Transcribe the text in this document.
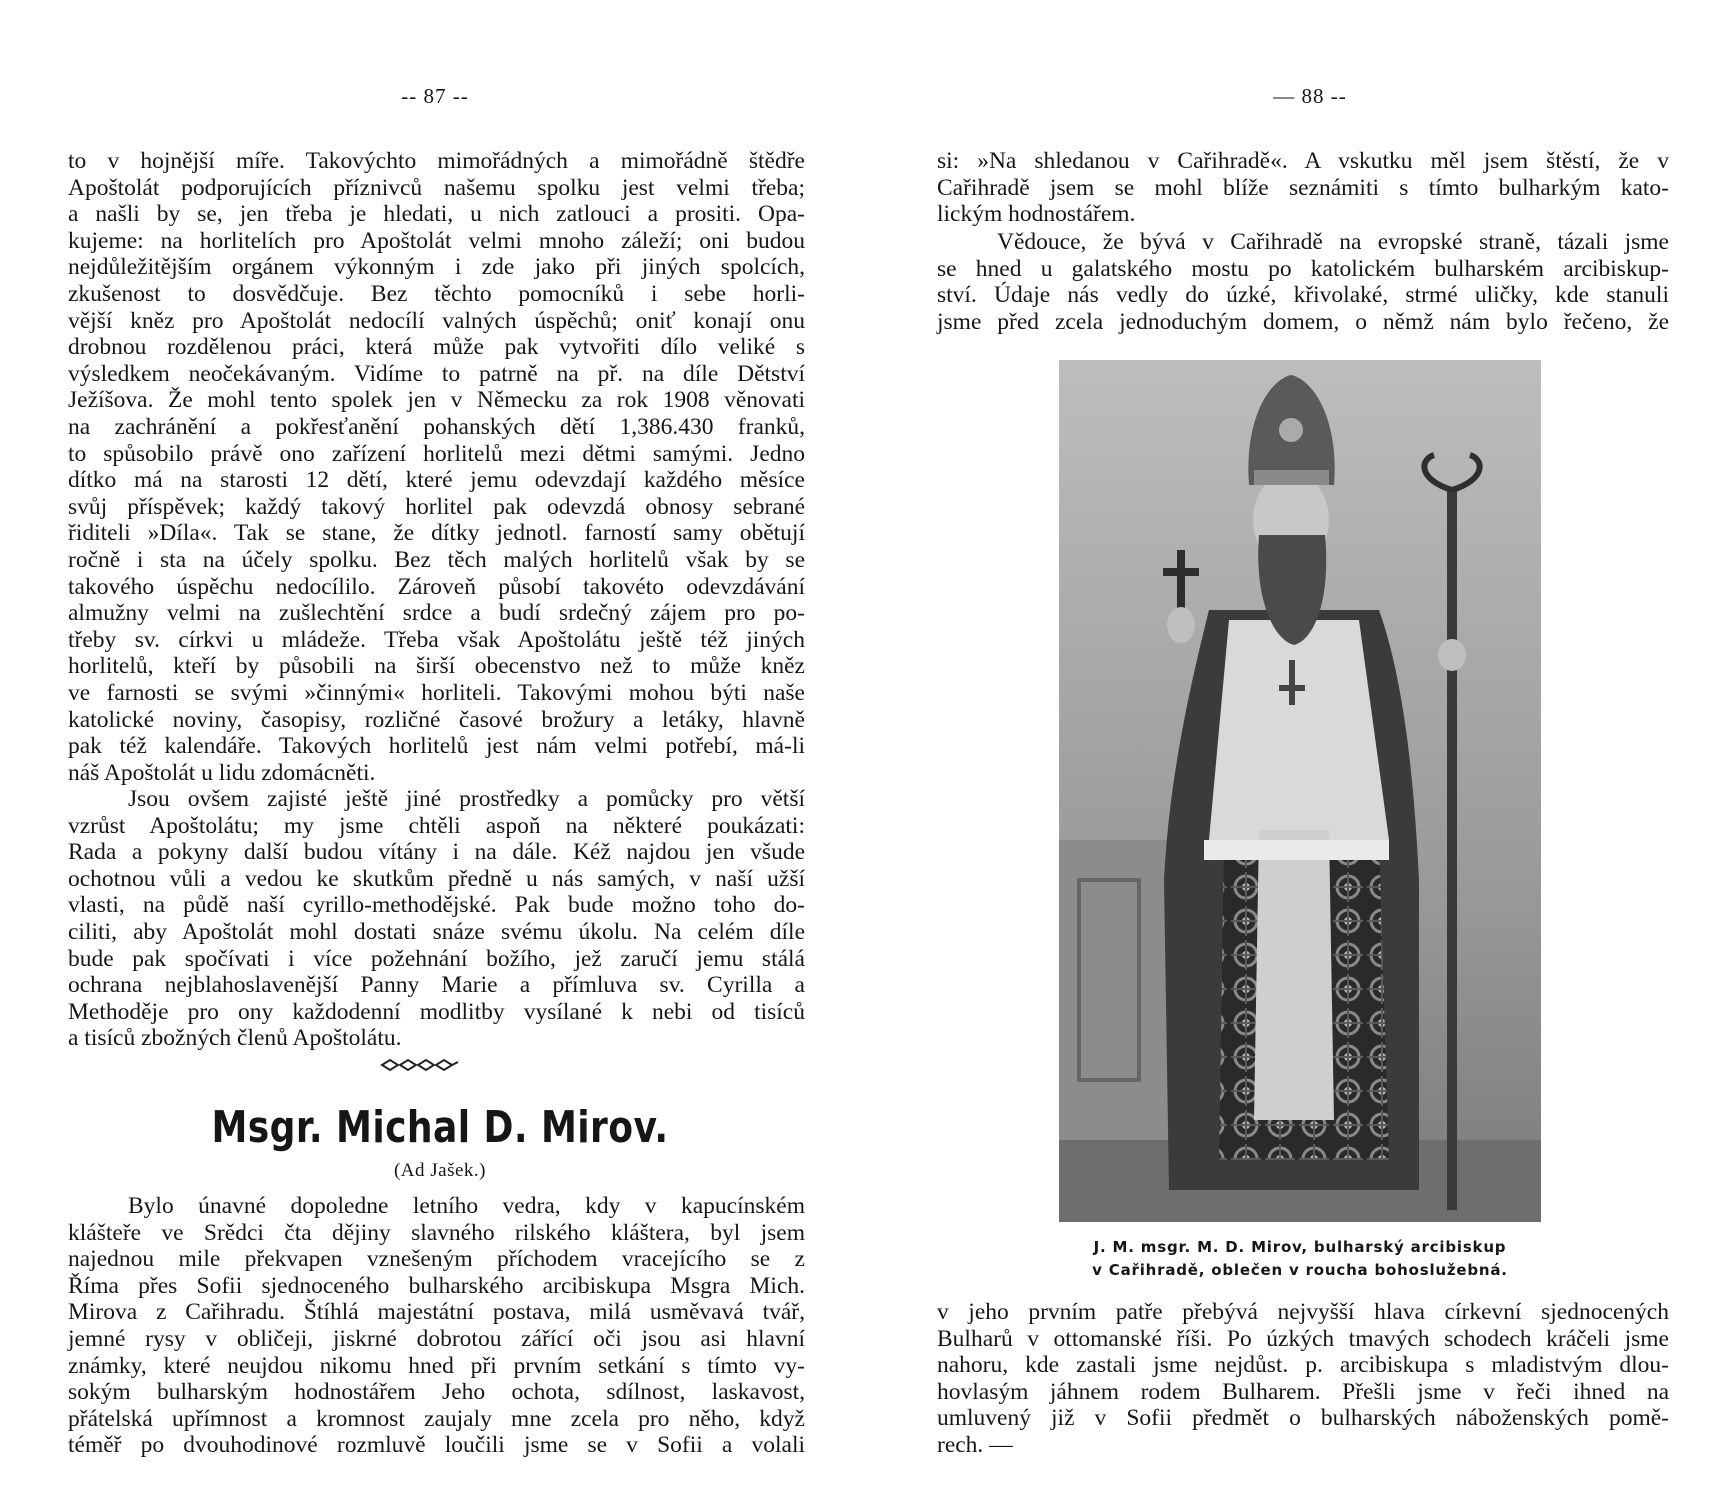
-- 87 --

to v hojnější míře. Takovýchto mimořádných a mimořádně štědře

Apoštolát podporujících příznivců našemu spolku jest velmi třeba;

a našli by se, jen třeba je hledati, u nich zatlouci a prositi. Opa-

kujeme: na horlitelích pro Apoštolát velmi mnoho záleží; oni budou

nejdůležitějším orgánem výkonným i zde jako při jiných spolcích,

zkušenost to dosvědčuje. Bez těchto pomocníků i sebe horli-

vější kněz pro Apoštolát nedocílí valných úspěchů; oniť konají onu

drobnou rozdělenou práci, která může pak vytvořiti dílo veliké s

výsledkem neočekávaným. Vidíme to patrně na př. na díle Dětství

Ježíšova. Že mohl tento spolek jen v Německu za rok 1908 věnovati

na zachránění a pokřesťanění pohanských dětí 1,386.430 franků,

to spůsobilo právě ono zařízení horlitelů mezi dětmi samými. Jedno

dítko má na starosti 12 dětí, které jemu odevzdají každého měsíce

svůj příspěvek; každý takový horlitel pak odevzdá obnosy sebrané

řiditeli »Díla«. Tak se stane, že dítky jednotl. farností samy obětují

ročně i sta na účely spolku. Bez těch malých horlitelů však by se

takového úspěchu nedocílilo. Zároveň působí takovéto odevzdávání

almužny velmi na zušlechtění srdce a budí srdečný zájem pro po-

třeby sv. církvi u mládeže. Třeba však Apoštolátu ještě též jiných

horlitelů, kteří by působili na širší obecenstvo než to může kněz

ve farnosti se svými »činnými« horliteli. Takovými mohou býti naše

katolické noviny, časopisy, rozličné časové brožury a letáky, hlavně

pak též kalendáře. Takových horlitelů jest nám velmi potřebí, má-li

náš Apoštolát u lidu zdomácněti.

Jsou ovšem zajisté ještě jiné prostředky a pomůcky pro větší

vzrůst Apoštolátu; my jsme chtěli aspoň na některé poukázati:

Rada a pokyny další budou vítány i na dále. Kéž najdou jen všude

ochotnou vůli a vedou ke skutkům předně u nás samých, v naší užší

vlasti, na půdě naší cyrillo-methodějské. Pak bude možno toho do-

ciliti, aby Apoštolát mohl dostati snáze svému úkolu. Na celém díle

bude pak spočívati i více požehnání božího, jež zaručí jemu stálá

ochrana nejblahoslavenější Panny Marie a přímluva sv. Cyrilla a

Methoděje pro ony každodenní modlitby vysílané k nebi od tisíců

a tisíců zbožných členů Apoštolátu.

Msgr. Michal D. Mirov.
(Ad Jašek.)

Bylo únavné dopoledne letního vedra, kdy v kapucínském

klášteře ve Srědci čta dějiny slavného rilského kláštera, byl jsem

najednou mile překvapen vznešeným příchodem vracejícího se z

Říma přes Sofii sjednoceného bulharského arcibiskupa Msgra Mich.

Mirova z Cařihradu. Štíhlá majestátní postava, milá usměvavá tvář,

jemné rysy v obličeji, jiskrné dobrotou zářící oči jsou asi hlavní

známky, které neujdou nikomu hned při prvním setkání s tímto vy-

sokým bulharským hodnostářem Jeho ochota, sdílnost, laskavost,

přátelská upřímnost a kromnost zaujaly mne zcela pro něho, když

téměř po dvouhodinové rozmluvě loučili jsme se v Sofii a volali

— 88 --

si: »Na shledanou v Cařihradě«. A vskutku měl jsem štěstí, že v

Cařihradě jsem se mohl blíže seznámiti s tímto bulharkým kato-

lickým hodnostářem.

Vědouce, že bývá v Cařihradě na evropské straně, tázali jsme

se hned u galatského mostu po katolickém bulharském arcibiskup-

ství. Údaje nás vedly do úzké, křivolaké, strmé uličky, kde stanuli

jsme před zcela jednoduchým domem, o němž nám bylo řečeno, že

J. M. msgr. M. D. Mirov, bulharský arcibiskup

v Cařihradě, oblečen v roucha bohoslužebná.

v jeho prvním patře přebývá nejvyšší hlava církevní sjednocených

Bulharů v ottomanské říši. Po úzkých tmavých schodech kráčeli jsme

nahoru, kde zastali jsme nejdůst. p. arcibiskupa s mladistvým dlou-

hovlasým jáhnem rodem Bulharem. Přešli jsme v řeči ihned na

umluvený již v Sofii předmět o bulharských náboženských pomě-

rech. —
